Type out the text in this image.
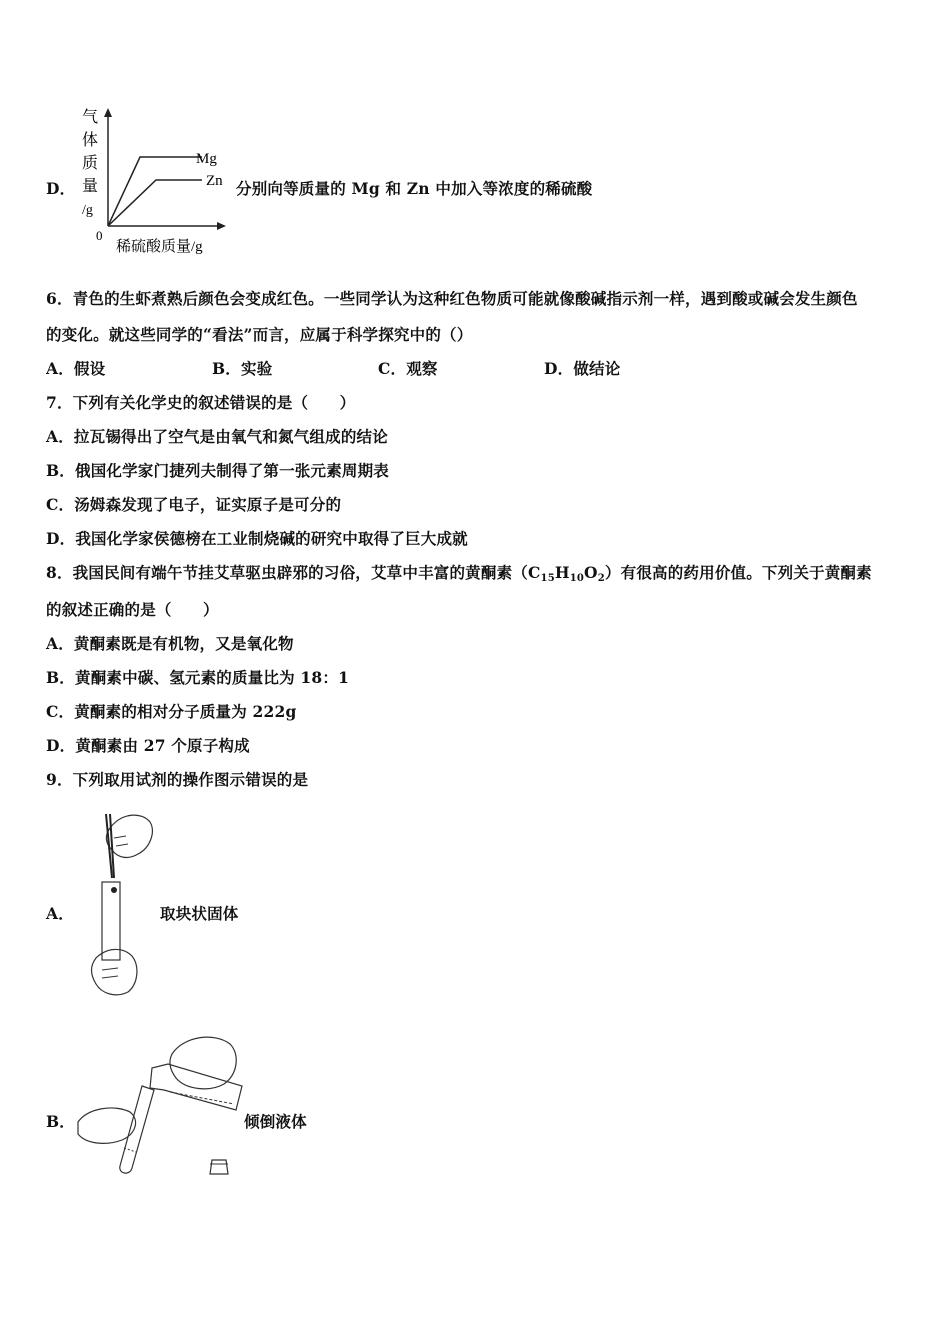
气
体
质
量
/g
0
Mg
Zn
稀硫酸质量/g
D．	分别向等质量的 Mg 和 Zn 中加入等浓度的稀硫酸
6．青色的生虾煮熟后颜色会变成红色。一些同学认为这种红色物质可能就像酸碱指示剂一样，遇到酸或碱会发生颜色
的变化。就这些同学的“看法”而言，应属于科学探究中的（）
A．假设	B．实验	C．观察	D．做结论
7．下列有关化学史的叙述错误的是（　　）
A．拉瓦锡得出了空气是由氧气和氮气组成的结论
B．俄国化学家门捷列夫制得了第一张元素周期表
C．汤姆森发现了电子，证实原子是可分的
D．我国化学家侯德榜在工业制烧碱的研究中取得了巨大成就
8．我国民间有端午节挂艾草驱虫辟邪的习俗，艾草中丰富的黄酮素$(C_{15}H_{10}O_2)$有很高的药用价值。下列关于黄酮素
的叙述正确的是（　　）
A．黄酮素既是有机物，又是氧化物
B．黄酮素中碳、氢元素的质量比为 18：1
C．黄酮素的相对分子质量为 222g
D．黄酮素由 27 个原子构成
9．下列取用试剂的操作图示错误的是
A．	取块状固体
B．	倾倒液体
